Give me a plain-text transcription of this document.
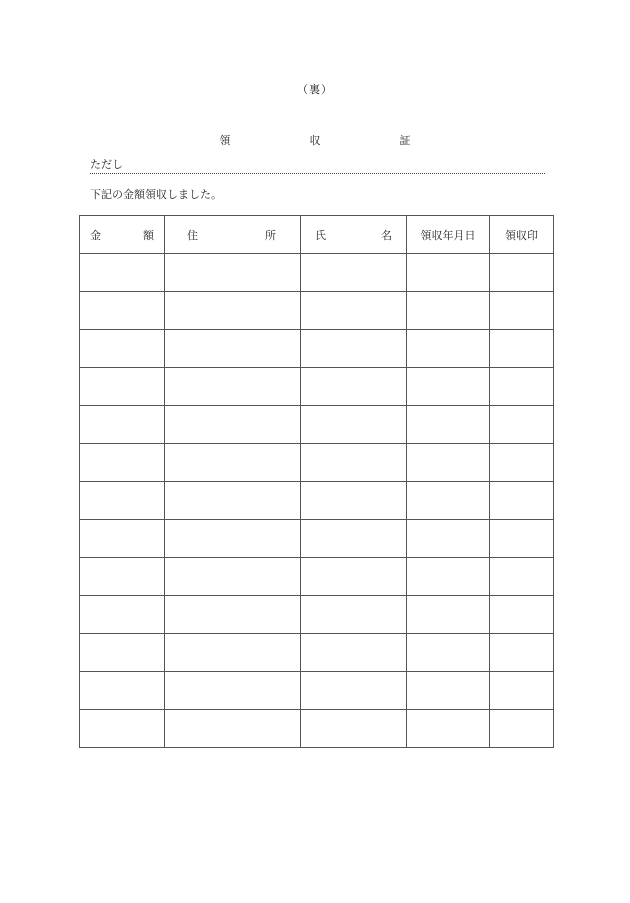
（裏）
領	収	証
ただし
下記の金額領収しました。
金 額	住 所	氏 名	領収年月日	領収印
